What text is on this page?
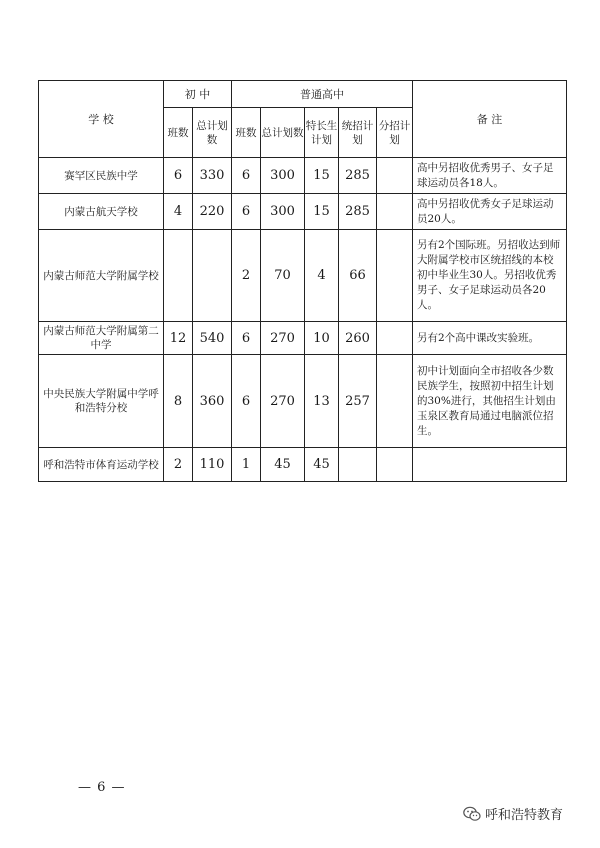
学 校	初 中		普通高中					备 注
	班数	总计划数	班数	总计划数	特长生计划	统招计划	分招计划	
赛罕区民族中学	6	330	6	300	15	285		高中另招收优秀男子、女子足球运动员各18人。
内蒙古航天学校	4	220	6	300	15	285		高中另招收优秀女子足球运动员20人。
内蒙古师范大学附属学校			2	70	4	66		另有2个国际班。另招收达到师大附属学校市区统招线的本校初中毕业生30人。另招收优秀男子、女子足球运动员各20人。
内蒙古师范大学附属第二中学	12	540	6	270	10	260		另有2个高中课改实验班。
中央民族大学附属中学呼和浩特分校	8	360	6	270	13	257		初中计划面向全市招收各少数民族学生，按照初中招生计划的30%进行，其他招生计划由玉泉区教育局通过电脑派位招生。
呼和浩特市体育运动学校	2	110	1	45	45			
— 6 —
呼和浩特教育
